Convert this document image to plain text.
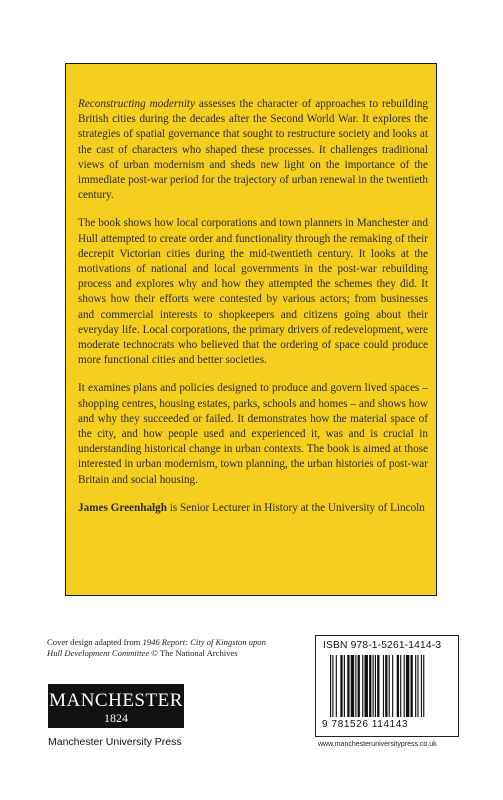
Reconstructing modernity assesses the character of approaches to rebuilding British cities during the decades after the Second World War. It explores the strategies of spatial governance that sought to restructure society and looks at the cast of characters who shaped these processes. It challenges traditional views of urban modernism and sheds new light on the importance of the immediate post-war period for the trajectory of urban renewal in the twentieth century.

The book shows how local corporations and town planners in Manchester and Hull attempted to create order and functionality through the remaking of their decrepit Victorian cities during the mid-twentieth century. It looks at the motivations of national and local governments in the post-war rebuilding process and explores why and how they attempted the schemes they did. It shows how their efforts were contested by various actors; from businesses and commercial interests to shopkeepers and citizens going about their everyday life. Local corporations, the primary drivers of redevelopment, were moderate technocrats who believed that the ordering of space could produce more functional cities and better societies.

It examines plans and policies designed to produce and govern lived spaces – shopping centres, housing estates, parks, schools and homes – and shows how and why they succeeded or failed. It demonstrates how the material space of the city, and how people used and experienced it, was and is crucial in understanding historical change in urban contexts. The book is aimed at those interested in urban modernism, town planning, the urban histories of post-war Britain and social housing.

James Greenhalgh is Senior Lecturer in History at the University of Lincoln

Cover design adapted from 1946 Report: City of Kingston upon Hull Development Committee © The National Archives
MANCHESTER
1824
Manchester University Press
ISBN 978-1-5261-1414-3
9 781526 114143
www.manchesteruniversitypress.co.uk
